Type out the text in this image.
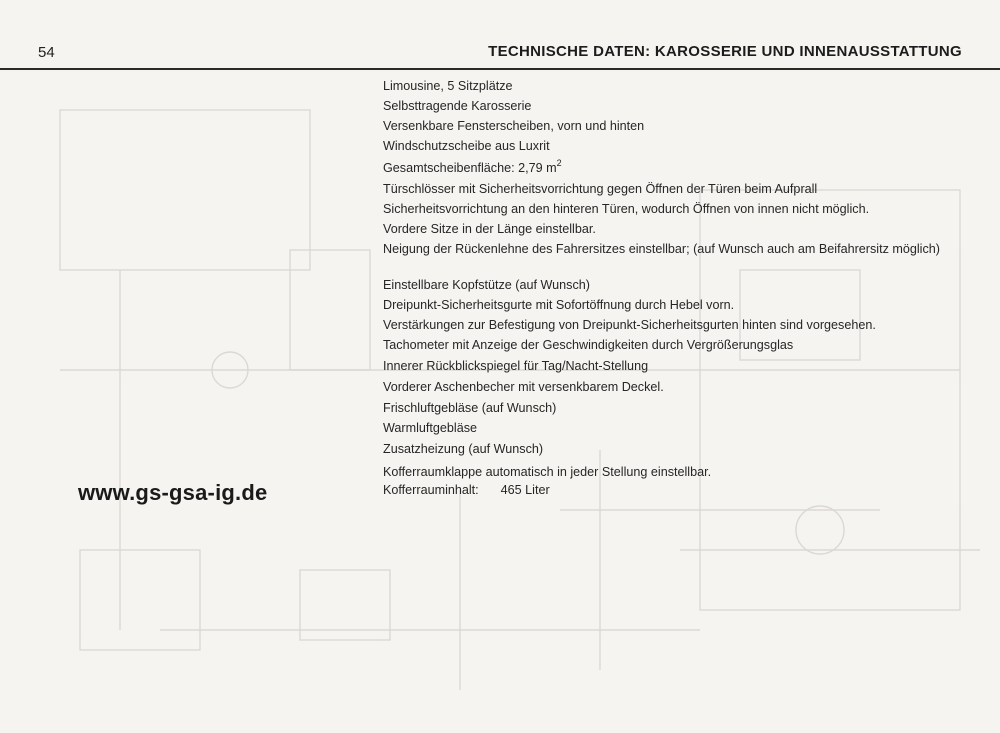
54	TECHNISCHE DATEN: KAROSSERIE UND INNENAUSSTATTUNG
Limousine, 5 Sitzplätze
Selbsttragende Karosserie
Versenkbare Fensterscheiben, vorn und hinten
Windschutzscheibe aus Luxrit
Gesamtscheibenfläche: 2,79 $m^2$
Türschlösser mit Sicherheitsvorrichtung gegen Öffnen der Türen beim Aufprall
Sicherheitsvorrichtung an den hinteren Türen, wodurch Öffnen von innen nicht möglich.
Vordere Sitze in der Länge einstellbar.
Neigung der Rückenlehne des Fahrersitzes einstellbar; (auf Wunsch auch am Beifahrersitz möglich)
Einstellbare Kopfstütze (auf Wunsch)
Dreipunkt-Sicherheitsgurte mit Sofortöffnung durch Hebel vorn.
Verstärkungen zur Befestigung von Dreipunkt-Sicherheitsgurten hinten sind vorgesehen.
Tachometer mit Anzeige der Geschwindigkeiten durch Vergrößerungsglas
Innerer Rückblickspiegel für Tag/Nacht-Stellung
Vorderer Aschenbecher mit versenkbarem Deckel.
Frischluftgebläse (auf Wunsch)
Warmluftgebläse
Zusatzheizung (auf Wunsch)
Kofferraumklappe automatisch in jeder Stellung einstellbar.
Kofferrauminhalt: 465 Liter
www.gs-gsa-ig.de
